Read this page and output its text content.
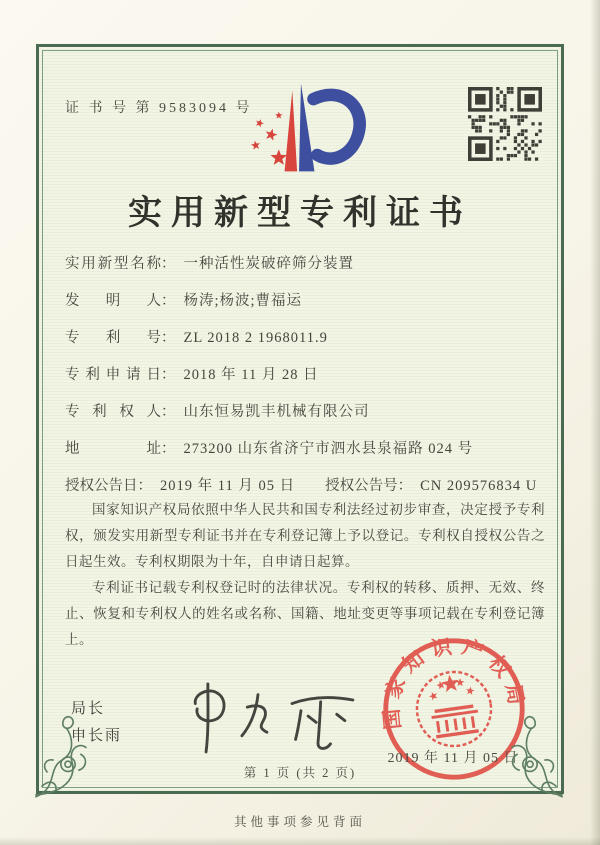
证 书 号 第 9583094 号
实用新型专利证书
实用新型名称： 一种活性炭破碎筛分装置
发明人： 杨涛;杨波;曹福运
专利号： ZL 2018 2 1968011.9
专利申请日： 2018 年 11 月 28 日
专利权人： 山东恒易凯丰机械有限公司
地址： 273200 山东省济宁市泗水县泉福路 024 号
授权公告日： 2019 年 11 月 05 日 授权公告号： CN 209576834 U

国家知识产权局依照中华人民共和国专利法经过初步审查，决定授予专利权，颁发实用新型专利证书并在专利登记簿上予以登记。专利权自授权公告之日起生效。专利权期限为十年，自申请日起算。

专利证书记载专利权登记时的法律状况。专利权的转移、质押、无效、终止、恢复和专利权人的姓名或名称、国籍、地址变更等事项记载在专利登记簿上。

局长
申长雨
国家知识产权局
2019 年 11 月 05 日
第 1 页 (共 2 页)
其他事项参见背面
